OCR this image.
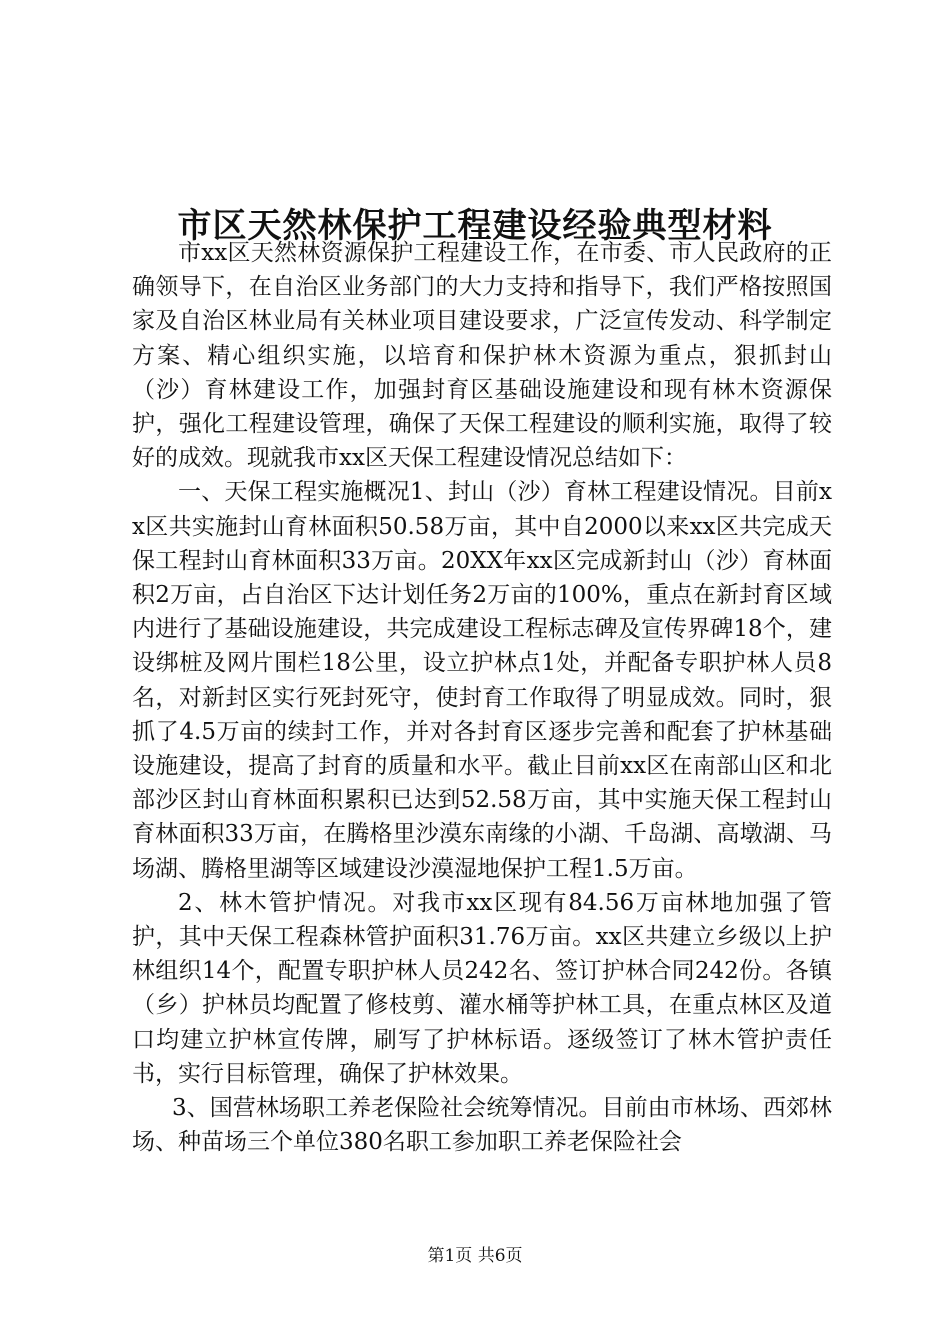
市区天然林保护工程建设经验典型材料

市xx区天然林资源保护工程建设工作，在市委、市人民政府的正确领导下，在自治区业务部门的大力支持和指导下，我们严格按照国家及自治区林业局有关林业项目建设要求，广泛宣传发动、科学制定方案、精心组织实施，以培育和保护林木资源为重点，狠抓封山（沙）育林建设工作，加强封育区基础设施建设和现有林木资源保护，强化工程建设管理，确保了天保工程建设的顺利实施，取得了较好的成效。现就我市xx区天保工程建设情况总结如下：

一、天保工程实施概况1、封山（沙）育林工程建设情况。目前xx区共实施封山育林面积50.58万亩，其中自2000以来xx区共完成天保工程封山育林面积33万亩。20XX年xx区完成新封山（沙）育林面积2万亩，占自治区下达计划任务2万亩的100%，重点在新封育区域内进行了基础设施建设，共完成建设工程标志碑及宣传界碑18个，建设绑桩及网片围栏18公里，设立护林点1处，并配备专职护林人员8名，对新封区实行死封死守，使封育工作取得了明显成效。同时，狠抓了4.5万亩的续封工作，并对各封育区逐步完善和配套了护林基础设施建设，提高了封育的质量和水平。截止目前xx区在南部山区和北部沙区封山育林面积累积已达到52.58万亩，其中实施天保工程封山育林面积33万亩，在腾格里沙漠东南缘的小湖、千岛湖、高墩湖、马场湖、腾格里湖等区域建设沙漠湿地保护工程1.5万亩。

2、林木管护情况。对我市xx区现有84.56万亩林地加强了管护，其中天保工程森林管护面积31.76万亩。xx区共建立乡级以上护林组织14个，配置专职护林人员242名、签订护林合同242份。各镇（乡）护林员均配置了修枝剪、灌水桶等护林工具，在重点林区及道口均建立护林宣传牌，刷写了护林标语。逐级签订了林木管护责任书，实行目标管理，确保了护林效果。

3、国营林场职工养老保险社会统筹情况。目前由市林场、西郊林场、种苗场三个单位380名职工参加职工养老保险社会

第1页 共6页
